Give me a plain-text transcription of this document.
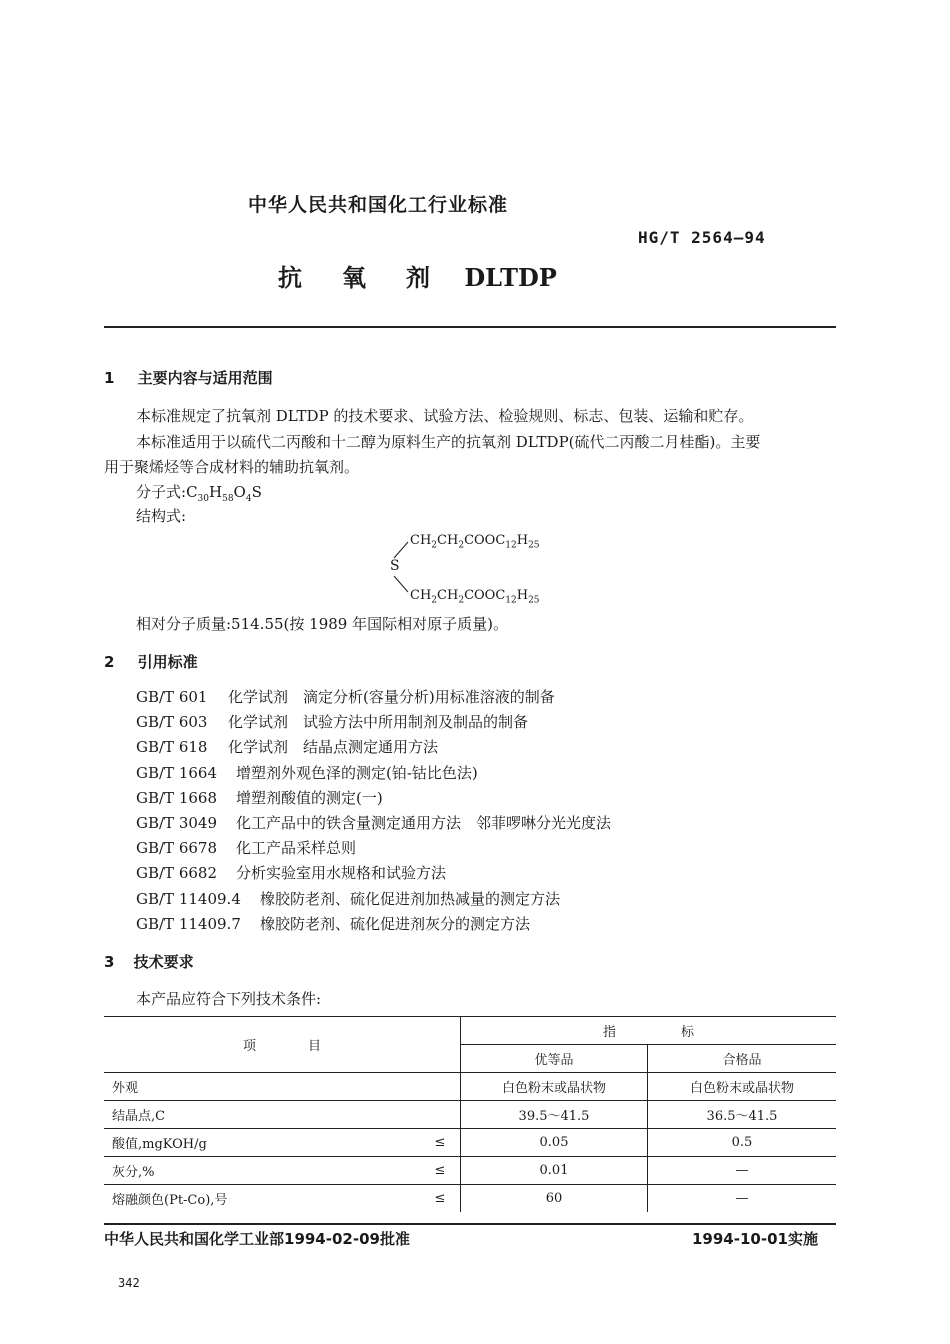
中华人民共和国化工行业标准
HG/T 2564—94
抗 氧 剂 DLTDP
1 主要内容与适用范围
本标准规定了抗氧剂 DLTDP 的技术要求、试验方法、检验规则、标志、包装、运输和贮存。
本标准适用于以硫代二丙酸和十二醇为原料生产的抗氧剂 DLTDP(硫代二丙酸二月桂酯)。主要
用于聚烯烃等合成材料的辅助抗氧剂。
分子式$:C_{30}H_{58}O_4S$
结构式:
$CH_2CH_2COOC_{12}H_{25}$
S
$CH_2CH_2COOC_{12}H_{25}$
相对分子质量:514.55(按 1989 年国际相对原子质量)。
2 引用标准
GB/T 601 化学试剂　滴定分析(容量分析)用标准溶液的制备
GB/T 603 化学试剂　试验方法中所用制剂及制品的制备
GB/T 618 化学试剂　结晶点测定通用方法
GB/T 1664 增塑剂外观色泽的测定(铂-钴比色法)
GB/T 1668 增塑剂酸值的测定(一)
GB/T 3049 化工产品中的铁含量测定通用方法　邻菲啰啉分光光度法
GB/T 6678 化工产品采样总则
GB/T 6682 分析实验室用水规格和试验方法
GB/T 11409.4 橡胶防老剂、硫化促进剂加热减量的测定方法
GB/T 11409.7 橡胶防老剂、硫化促进剂灰分的测定方法
3 技术要求
本产品应符合下列技术条件:
项　　　　目		指　　　　　标	
		优等品	合格品
外观		白色粉末或晶状物	白色粉末或晶状物
结晶点,C		39.5～41.5	36.5～41.5
酸值,mgKOH/g	≤	0.05	0.5
灰分,%	≤	0.01	—
熔融颜色(Pt-Co),号	≤	60	—
中华人民共和国化学工业部1994-02-09批准	1994-10-01实施
342
